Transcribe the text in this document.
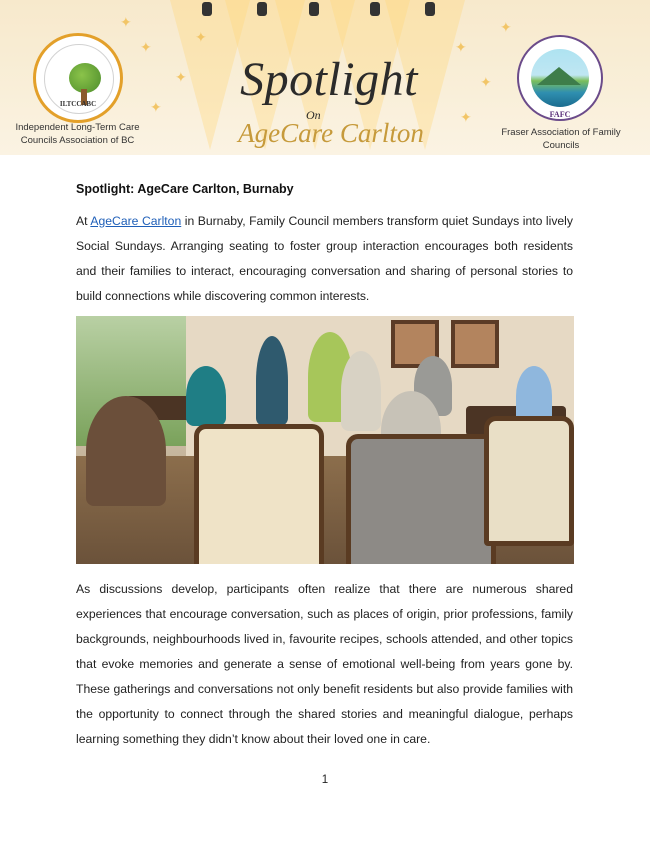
✦
✦
✦
✦
✦
✦
✦
✦
✦
ILTCCABC
Independent Long-Term Care
Councils Association of BC
Spotlight
On
AgeCare Carlton
FAFC
Fraser Association of Family
Councils
Spotlight: AgeCare Carlton, Burnaby

At AgeCare Carlton in Burnaby, Family Council members transform quiet Sundays into lively Social Sundays. Arranging seating to foster group interaction encourages both residents and their families to interact, encouraging conversation and sharing of personal stories to build connections while discovering common interests.

As discussions develop, participants often realize that there are numerous shared experiences that encourage conversation, such as places of origin, prior professions, family backgrounds, neighbourhoods lived in, favourite recipes, schools attended, and other topics that evoke memories and generate a sense of emotional well-being from years gone by. These gatherings and conversations not only benefit residents but also provide families with the opportunity to connect through the shared stories and meaningful dialogue, perhaps learning something they didn’t know about their loved one in care.

1
